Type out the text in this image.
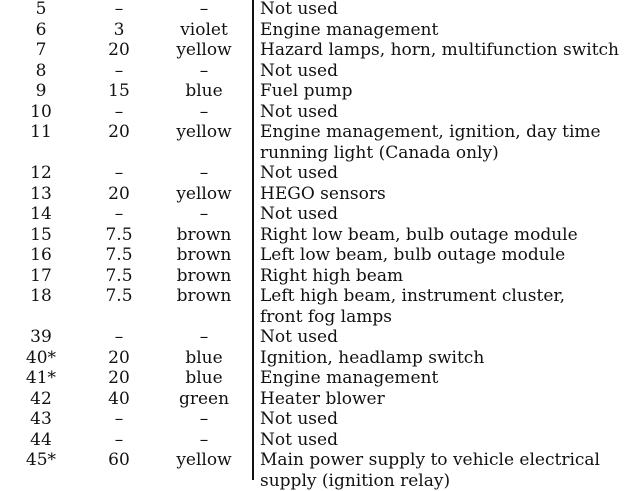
5	–	–	Not used
6	3	violet	Engine management
7	20	yellow	Hazard lamps, horn, multifunction switch
8	–	–	Not used
9	15	blue	Fuel pump
10	–	–	Not used
11	20	yellow	Engine management, ignition, day time
running light (Canada only)
12	–	–	Not used
13	20	yellow	HEGO sensors
14	–	–	Not used
15	7.5	brown	Right low beam, bulb outage module
16	7.5	brown	Left low beam, bulb outage module
17	7.5	brown	Right high beam
18	7.5	brown	Left high beam, instrument cluster,
front fog lamps
39	–	–	Not used
40*	20	blue	Ignition, headlamp switch
41*	20	blue	Engine management
42	40	green	Heater blower
43	–	–	Not used
44	–	–	Not used
45*	60	yellow	Main power supply to vehicle electrical
supply (ignition relay)
